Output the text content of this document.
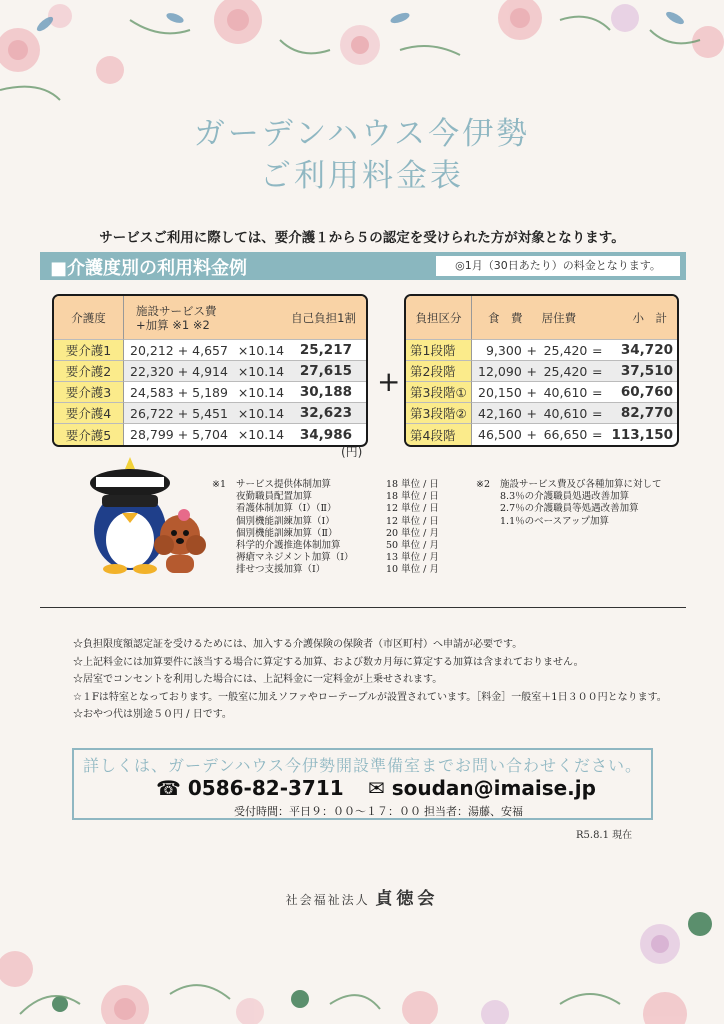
ガーデンハウス今伊勢
ご利用料金表
サービスご利用に際しては、要介護１から５の認定を受けられた方が対象となります。
■介護度別の利用料金例	◎1月（30日あたり）の料金となります。
介護度	施設サービス費
+加算 ※1 ※2		自己負担1割
要介護1	20,212 + 4,657	×10.14	25,217
要介護2	22,320 + 4,914	×10.14	27,615
要介護3	24,583 + 5,189	×10.14	30,188
要介護4	26,722 + 5,451	×10.14	32,623
要介護5	28,799 + 5,704	×10.14	34,986
+
負担区分	食　費		居住費		小　計
第1段階	9,300	+	25,420	=	34,720
第2段階	12,090	+	25,420	=	37,510
第3段階①	20,150	+	40,610	=	60,760
第3段階②	42,160	+	40,610	=	82,770
第4段階	46,500	+	66,650	=	113,150
(円)
※1 サービス提供体制加算	18 単位 / 日
夜勤職員配置加算	18 単位 / 日
看護体制加算（Ⅰ）（Ⅱ）	12 単位 / 日
個別機能訓練加算（Ⅰ）	12 単位 / 日
個別機能訓練加算（Ⅱ）	20 単位 / 月
科学的介護推進体制加算	50 単位 / 月
褥瘡マネジメント加算（Ⅰ）	13 単位 / 月
排せつ支援加算（Ⅰ）	10 単位 / 月
※2 施設サービス費及び各種加算に対して
8.3％の介護職員処遇改善加算
2.7％の介護職員等処遇改善加算
1.1％のベースアップ加算
☆負担限度額認定証を受けるためには、加入する介護保険の保険者（市区町村）へ申請が必要です。
☆上記料金には加算要件に該当する場合に算定する加算、および数カ月毎に算定する加算は含まれておりません。
☆居室でコンセントを利用した場合には、上記料金に一定料金が上乗せされます。
☆１Fは特室となっております。一般室に加えソファやローテーブルが設置されています。［料金］一般室＋1日３００円となります。
☆おやつ代は別途５０円 / 日です。
詳しくは、ガーデンハウス今伊勢開設準備室までお問い合わせください。
☎ 0586-82-3711 ✉ soudan@imaise.jp
受付時間：平日９：００〜１７：００ 担当者：湯藤、安福
R5.8.1 現在
社会福祉法人 貞徳会
